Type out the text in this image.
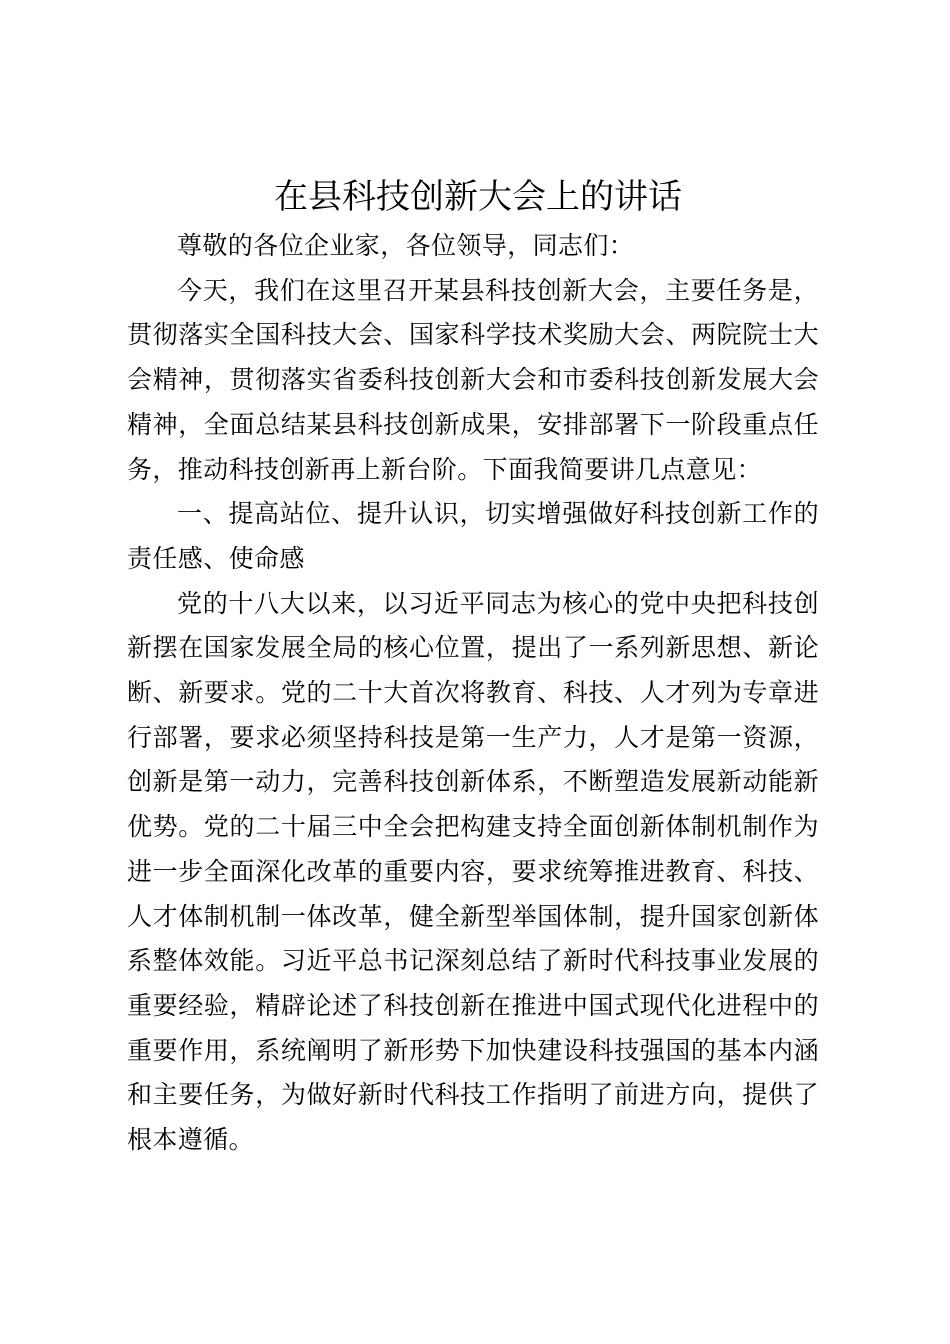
在县科技创新大会上的讲话

尊敬的各位企业家，各位领导，同志们：

今天，我们在这里召开某县科技创新大会，主要任务是，贯彻落实全国科技大会、国家科学技术奖励大会、两院院士大会精神，贯彻落实省委科技创新大会和市委科技创新发展大会精神，全面总结某县科技创新成果，安排部署下一阶段重点任务，推动科技创新再上新台阶。下面我简要讲几点意见：

一、提高站位、提升认识，切实增强做好科技创新工作的责任感、使命感

党的十八大以来，以习近平同志为核心的党中央把科技创新摆在国家发展全局的核心位置，提出了一系列新思想、新论断、新要求。党的二十大首次将教育、科技、人才列为专章进行部署，要求必须坚持科技是第一生产力，人才是第一资源，创新是第一动力，完善科技创新体系，不断塑造发展新动能新优势。党的二十届三中全会把构建支持全面创新体制机制作为进一步全面深化改革的重要内容，要求统筹推进教育、科技、人才体制机制一体改革，健全新型举国体制，提升国家创新体系整体效能。习近平总书记深刻总结了新时代科技事业发展的重要经验，精辟论述了科技创新在推进中国式现代化进程中的重要作用，系统阐明了新形势下加快建设科技强国的基本内涵和主要任务，为做好新时代科技工作指明了前进方向，提供了根本遵循。
